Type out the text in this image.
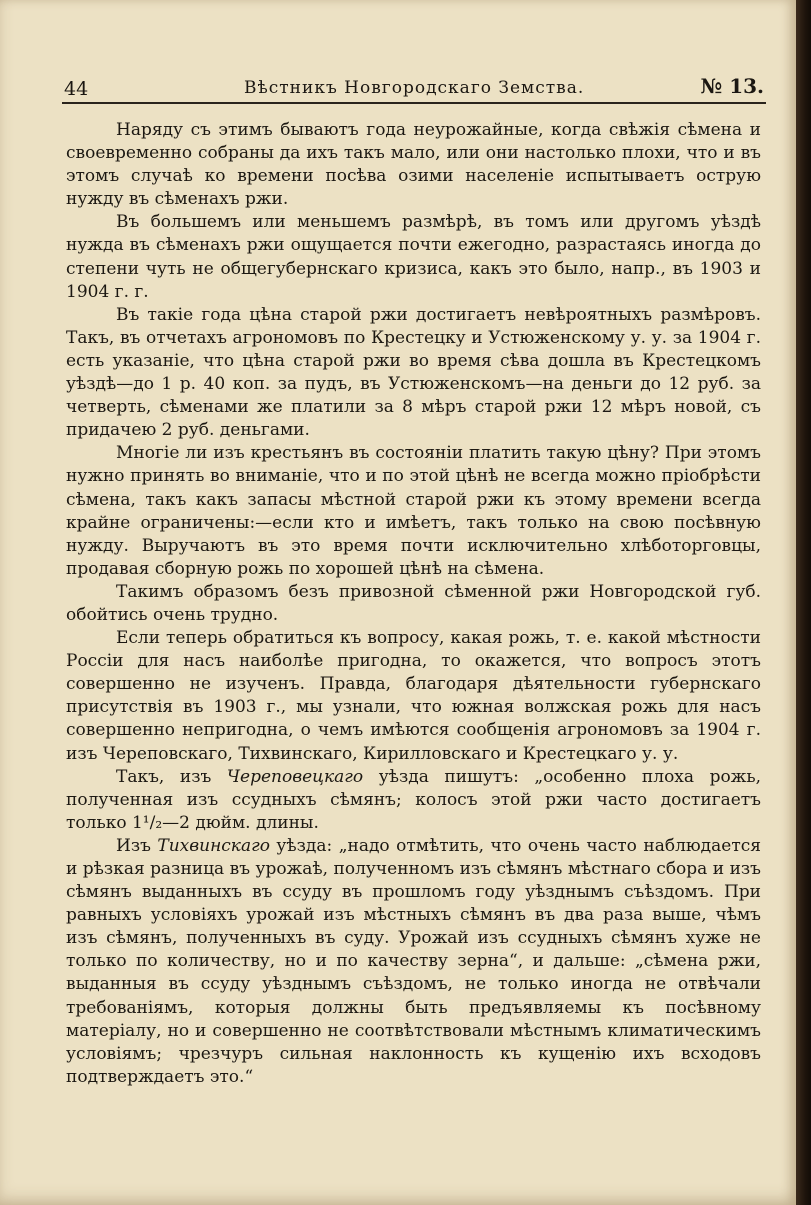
44	Вѣстникъ Новгородскаго Земства.	№ 13.

Наряду съ этимъ бываютъ года неурожайные, когда свѣжія сѣмена и своевременно собраны да ихъ такъ мало, или они настолько плохи, что и въ этомъ случаѣ ко времени посѣва озими населеніе испытываетъ острую нужду въ сѣменахъ ржи.

Въ большемъ или меньшемъ размѣрѣ, въ томъ или другомъ уѣздѣ нужда въ сѣменахъ ржи ощущается почти ежегодно, разрастаясь иногда до степени чуть не общегубернскаго кризиса, какъ это было, напр., въ 1903 и 1904 г. г.

Въ такіе года цѣна старой ржи достигаетъ невѣроятныхъ размѣровъ. Такъ, въ отчетахъ агрономовъ по Крестецку и Устюженскому у. у. за 1904 г. есть указаніе, что цѣна старой ржи во время сѣва дошла въ Крестецкомъ уѣздѣ—до 1 р. 40 коп. за пудъ, въ Устюженскомъ—на деньги до 12 руб. за четверть, сѣменами же платили за 8 мѣръ старой ржи 12 мѣръ новой, съ придачею 2 руб. деньгами.

Многіе ли изъ крестьянъ въ состояніи платить такую цѣну? При этомъ нужно принять во вниманіе, что и по этой цѣнѣ не всегда можно пріобрѣсти сѣмена, такъ какъ запасы мѣстной старой ржи къ этому времени всегда крайне ограничены:—если кто и имѣетъ, такъ только на свою посѣвную нужду. Выручаютъ въ это время почти исключительно хлѣботорговцы, продавая сборную рожь по хорошей цѣнѣ на сѣмена.

Такимъ образомъ безъ привозной сѣменной ржи Новгородской губ. обойтись очень трудно.

Если теперь обратиться къ вопросу, какая рожь, т. е. какой мѣстности Россіи для насъ наиболѣе пригодна, то окажется, что вопросъ этотъ совершенно не изученъ. Правда, благодаря дѣятельности губернскаго присутствія въ 1903 г., мы узнали, что южная волжская рожь для насъ совершенно непригодна, о чемъ имѣются сообщенія агрономовъ за 1904 г. изъ Череповскаго, Тихвинскаго, Кирилловскаго и Крестецкаго у. у.

Такъ, изъ Череповецкаго уѣзда пишутъ: „особенно плоха рожь, полученная изъ ссудныхъ сѣмянъ; колосъ этой ржи часто достигаетъ только 1¹/₂—2 дюйм. длины.

Изъ Тихвинскаго уѣзда: „надо отмѣтить, что очень часто наблюдается и рѣзкая разница въ урожаѣ, полученномъ изъ сѣмянъ мѣстнаго сбора и изъ сѣмянъ выданныхъ въ ссуду въ прошломъ году уѣзднымъ съѣздомъ. При равныхъ условіяхъ урожай изъ мѣстныхъ сѣмянъ въ два раза выше, чѣмъ изъ сѣмянъ, полученныхъ въ суду. Урожай изъ ссудныхъ сѣмянъ хуже не только по количеству, но и по качеству зерна“, и дальше: „сѣмена ржи, выданныя въ ссуду уѣзднымъ съѣздомъ, не только иногда не отвѣчали требованіямъ, которыя должны быть предъявляемы къ посѣвному матеріалу, но и совершенно не соотвѣтствовали мѣстнымъ климатическимъ условіямъ; чрезчуръ сильная наклонность къ кущенію ихъ всходовъ подтверждаетъ это.“
